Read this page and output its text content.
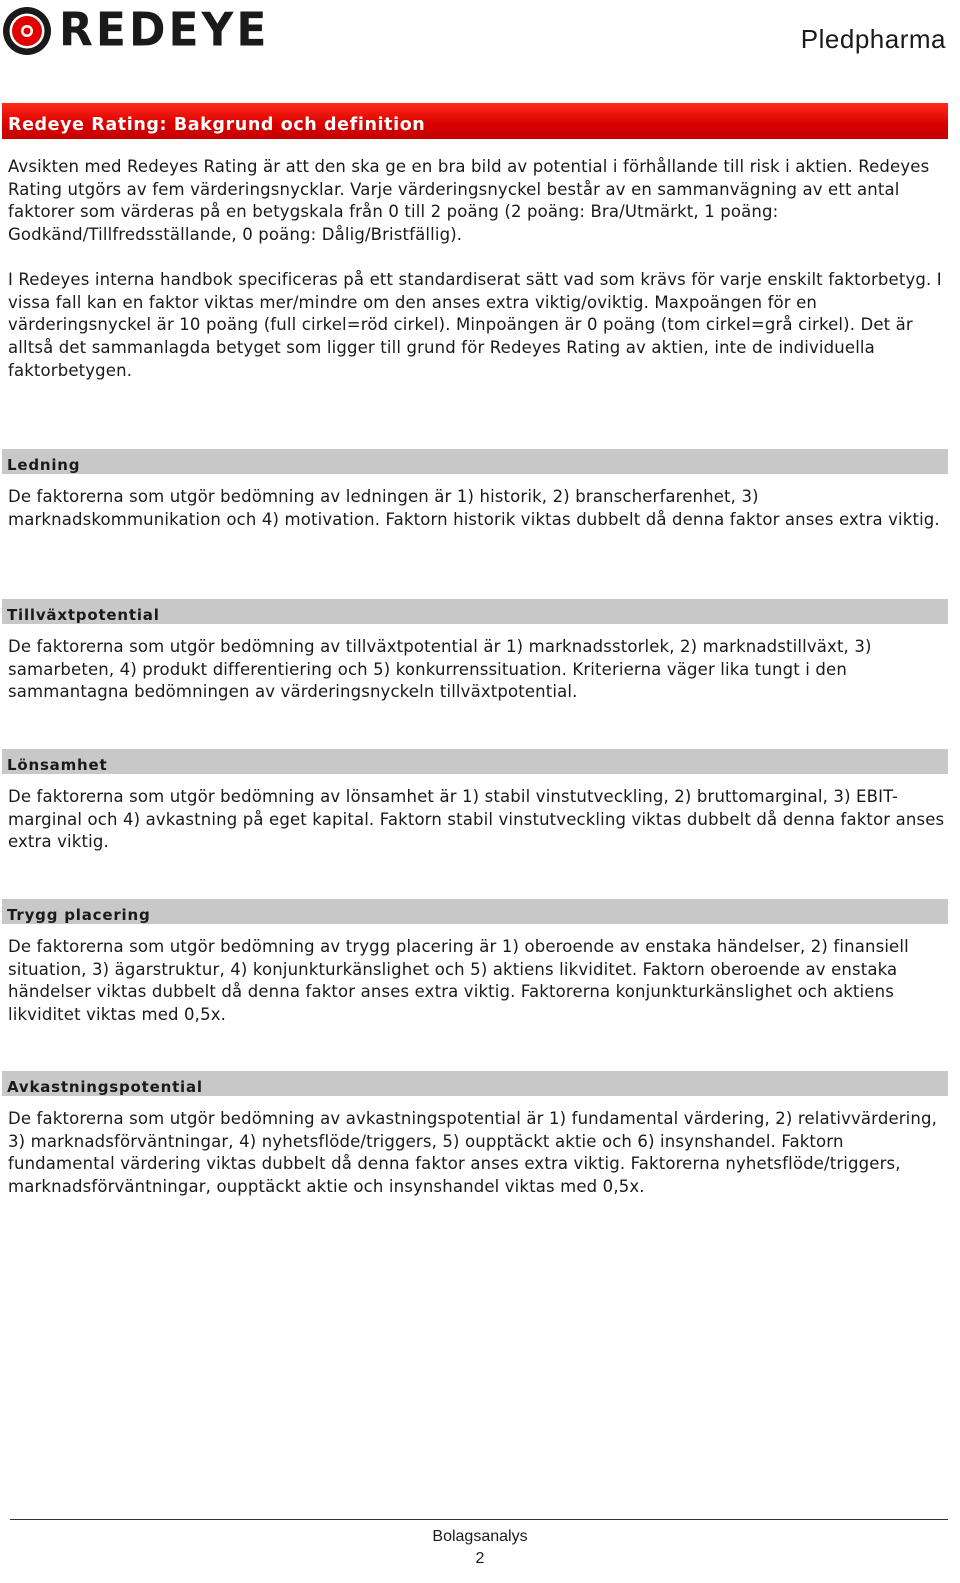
REDEYE	Pledpharma
Redeye Rating: Bakgrund och definition

Avsikten med Redeyes Rating är att den ska ge en bra bild av potential i förhållande till risk i aktien. Redeyes Rating utgörs av fem värderingsnycklar. Varje värderingsnyckel består av en sammanvägning av ett antal faktorer som värderas på en betygskala från 0 till 2 poäng (2 poäng: Bra/Utmärkt, 1 poäng: Godkänd/Tillfredsställande, 0 poäng: Dålig/Bristfällig).

I Redeyes interna handbok specificeras på ett standardiserat sätt vad som krävs för varje enskilt faktorbetyg. I vissa fall kan en faktor viktas mer/mindre om den anses extra viktig/oviktig. Maxpoängen för en värderingsnyckel är 10 poäng (full cirkel=röd cirkel). Minpoängen är 0 poäng (tom cirkel=grå cirkel). Det är alltså det sammanlagda betyget som ligger till grund för Redeyes Rating av aktien, inte de individuella faktorbetygen.

Ledning

De faktorerna som utgör bedömning av ledningen är 1) historik, 2) branscherfarenhet, 3) marknadskommunikation och 4) motivation. Faktorn historik viktas dubbelt då denna faktor anses extra viktig.

Tillväxtpotential

De faktorerna som utgör bedömning av tillväxtpotential är 1) marknadsstorlek, 2) marknadstillväxt, 3) samarbeten, 4) produkt differentiering och 5) konkurrenssituation. Kriterierna väger lika tungt i den sammantagna bedömningen av värderingsnyckeln tillväxtpotential.

Lönsamhet

De faktorerna som utgör bedömning av lönsamhet är 1) stabil vinstutveckling, 2) bruttomarginal, 3) EBIT-marginal och 4) avkastning på eget kapital. Faktorn stabil vinstutveckling viktas dubbelt då denna faktor anses extra viktig.

Trygg placering

De faktorerna som utgör bedömning av trygg placering är 1) oberoende av enstaka händelser, 2) finansiell situation, 3) ägarstruktur, 4) konjunkturkänslighet och 5) aktiens likviditet. Faktorn oberoende av enstaka händelser viktas dubbelt då denna faktor anses extra viktig. Faktorerna konjunkturkänslighet och aktiens likviditet viktas med 0,5x.

Avkastningspotential

De faktorerna som utgör bedömning av avkastningspotential är 1) fundamental värdering, 2) relativvärdering, 3) marknadsförväntningar, 4) nyhetsflöde/triggers, 5) oupptäckt aktie och 6) insynshandel. Faktorn fundamental värdering viktas dubbelt då denna faktor anses extra viktig. Faktorerna nyhetsflöde/triggers, marknadsförväntningar, oupptäckt aktie och insynshandel viktas med 0,5x.

Bolagsanalys
2
